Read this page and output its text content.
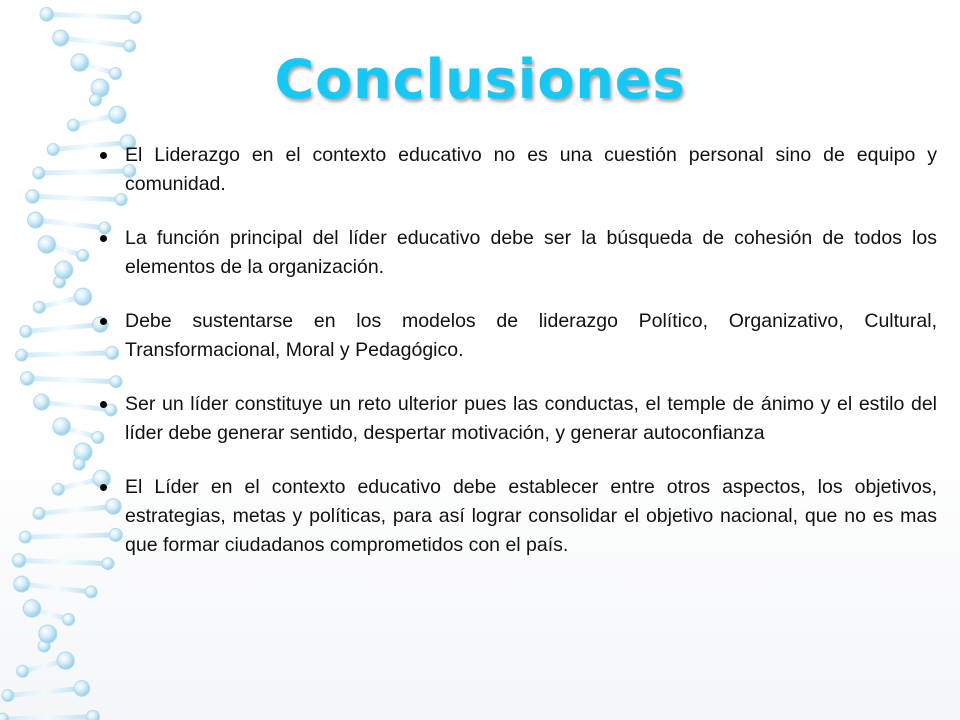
Conclusiones
El Liderazgo en el contexto educativo no es una cuestión personal sino de equipo y comunidad.
La función principal del líder educativo debe ser la búsqueda de cohesión de todos los elementos de la organización.
Debe sustentarse en los modelos de liderazgo Político, Organizativo, Cultural, Transformacional, Moral y Pedagógico.
Ser un líder constituye un reto ulterior pues las conductas, el temple de ánimo y el estilo del líder debe generar sentido, despertar motivación, y generar autoconfianza
El Líder en el contexto educativo debe establecer entre otros aspectos, los objetivos, estrategias, metas y políticas, para así lograr consolidar el objetivo nacional, que no es mas que formar ciudadanos comprometidos con el país.
